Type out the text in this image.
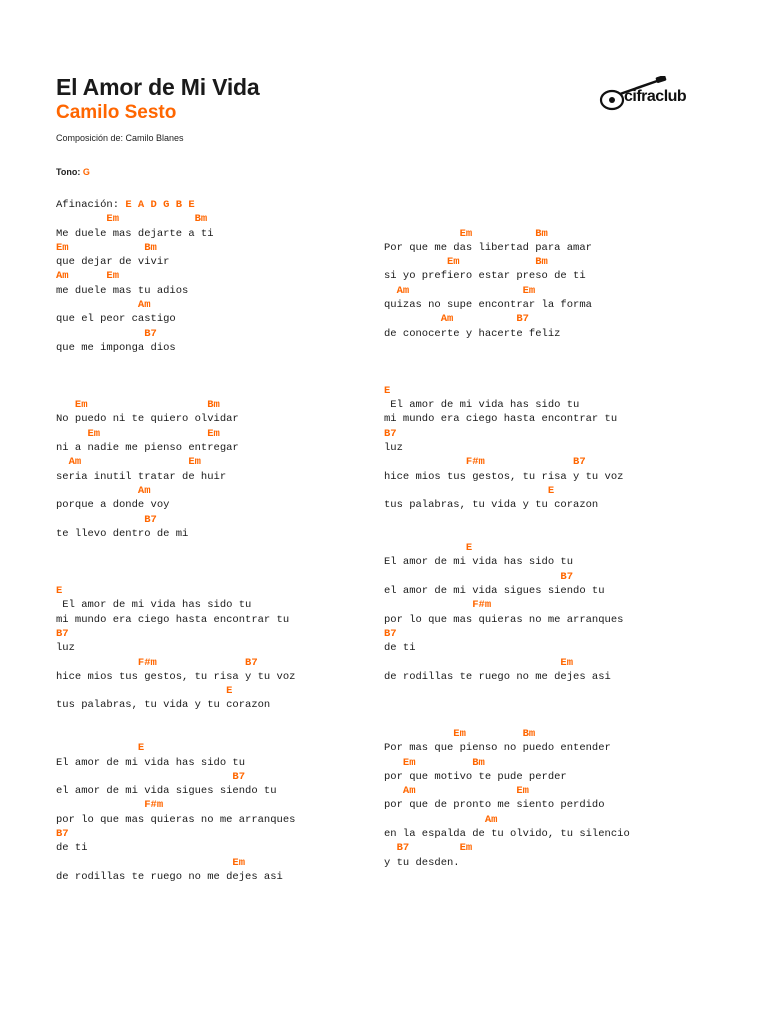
El Amor de Mi Vida
Camilo Sesto
Composición de: Camilo Blanes
Tono: G
cifraclub
Afinación: E A D G B E
Em            Bm
Me duele mas dejarte a ti
Em            Bm
que dejar de vivir
Am      Em
me duele mas tu adios
Am
que el peor castigo
B7
que me imponga dios
Em                   Bm
No puedo ni te quiero olvidar
Em                 Em
ni a nadie me pienso entregar
Am                 Em
seria inutil tratar de huir
Am
porque a donde voy
B7
te llevo dentro de mi
E
El amor de mi vida has sido tu
mi mundo era ciego hasta encontrar tu
B7
luz
F#m              B7
hice mios tus gestos, tu risa y tu voz
E
tus palabras, tu vida y tu corazon
E
El amor de mi vida has sido tu
B7
el amor de mi vida sigues siendo tu
F#m
por lo que mas quieras no me arranques
B7
de ti
Em
de rodillas te ruego no me dejes asi
Em          Bm
Por que me das libertad para amar
Em            Bm
si yo prefiero estar preso de ti
Am                  Em
quizas no supe encontrar la forma
Am          B7
de conocerte y hacerte feliz
E
El amor de mi vida has sido tu
mi mundo era ciego hasta encontrar tu
B7
luz
F#m              B7
hice mios tus gestos, tu risa y tu voz
E
tus palabras, tu vida y tu corazon
E
El amor de mi vida has sido tu
B7
el amor de mi vida sigues siendo tu
F#m
por lo que mas quieras no me arranques
B7
de ti
Em
de rodillas te ruego no me dejes asi
Em         Bm
Por mas que pienso no puedo entender
Em         Bm
por que motivo te pude perder
Am                Em
por que de pronto me siento perdido
Am
en la espalda de tu olvido, tu silencio
B7        Em
y tu desden.
